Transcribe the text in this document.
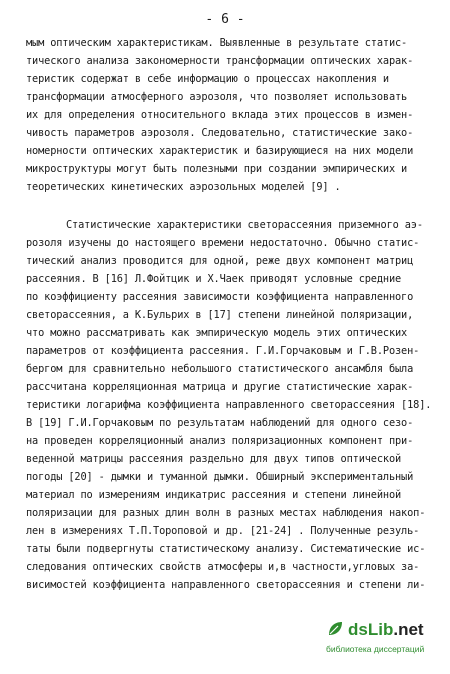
- 6 -
мым оптическим характеристикам. Выявленные в результате статис-
тического анализа закономерности трансформации оптических харак-
теристик содержат в себе информацию о процессах накопления и
трансформации атмосферного аэрозоля, что позволяет использовать
их для определения относительного вклада этих процессов в измен-
чивость параметров аэрозоля. Следовательно, статистические зако-
номерности оптических характеристик и базирующиеся на них модели
микроструктуры могут быть полезными при создании эмпирических и
теоретических кинетических аэрозольных моделей [9] .
Статистические характеристики светорассеяния приземного аэ-
розоля изучены до настоящего времени недостаточно. Обычно статис-
тический анализ проводится для одной, реже двух компонент матриц
рассеяния. В [16] Л.Фойтцик и Х.Чаек приводят условные средние
по коэффициенту рассеяния зависимости коэффициента направленного
светорассеяния, а К.Бульрих в [17] степени линейной поляризации,
что можно рассматривать как эмпирическую модель этих оптических
параметров от коэффициента рассеяния. Г.И.Горчаковым и Г.В.Розен-
бергом для сравнительно небольшого статистического ансамбля была
рассчитана корреляционная матрица и другие статистические харак-
теристики логарифма коэффициента направленного светорассеяния [18].
В [19] Г.И.Горчаковым по результатам наблюдений для одного сезо-
на проведен корреляционный анализ поляризационных компонент при-
веденной матрицы рассеяния раздельно для двух типов оптической
погоды [20] - дымки и туманной дымки. Обширный экспериментальный
материал по измерениям индикатрис рассеяния и степени линейной
поляризации для разных длин волн в разных местах наблюдения накоп-
лен в измерениях Т.П.Тороповой и др. [21-24] . Полученные резуль-
таты были подвергнуты статистическому анализу. Систематические ис-
следования оптических свойств атмосферы и,в частности,угловых за-
висимостей коэффициента направленного светорассеяния и степени ли-
dsLib.net
библиотека диссертаций
